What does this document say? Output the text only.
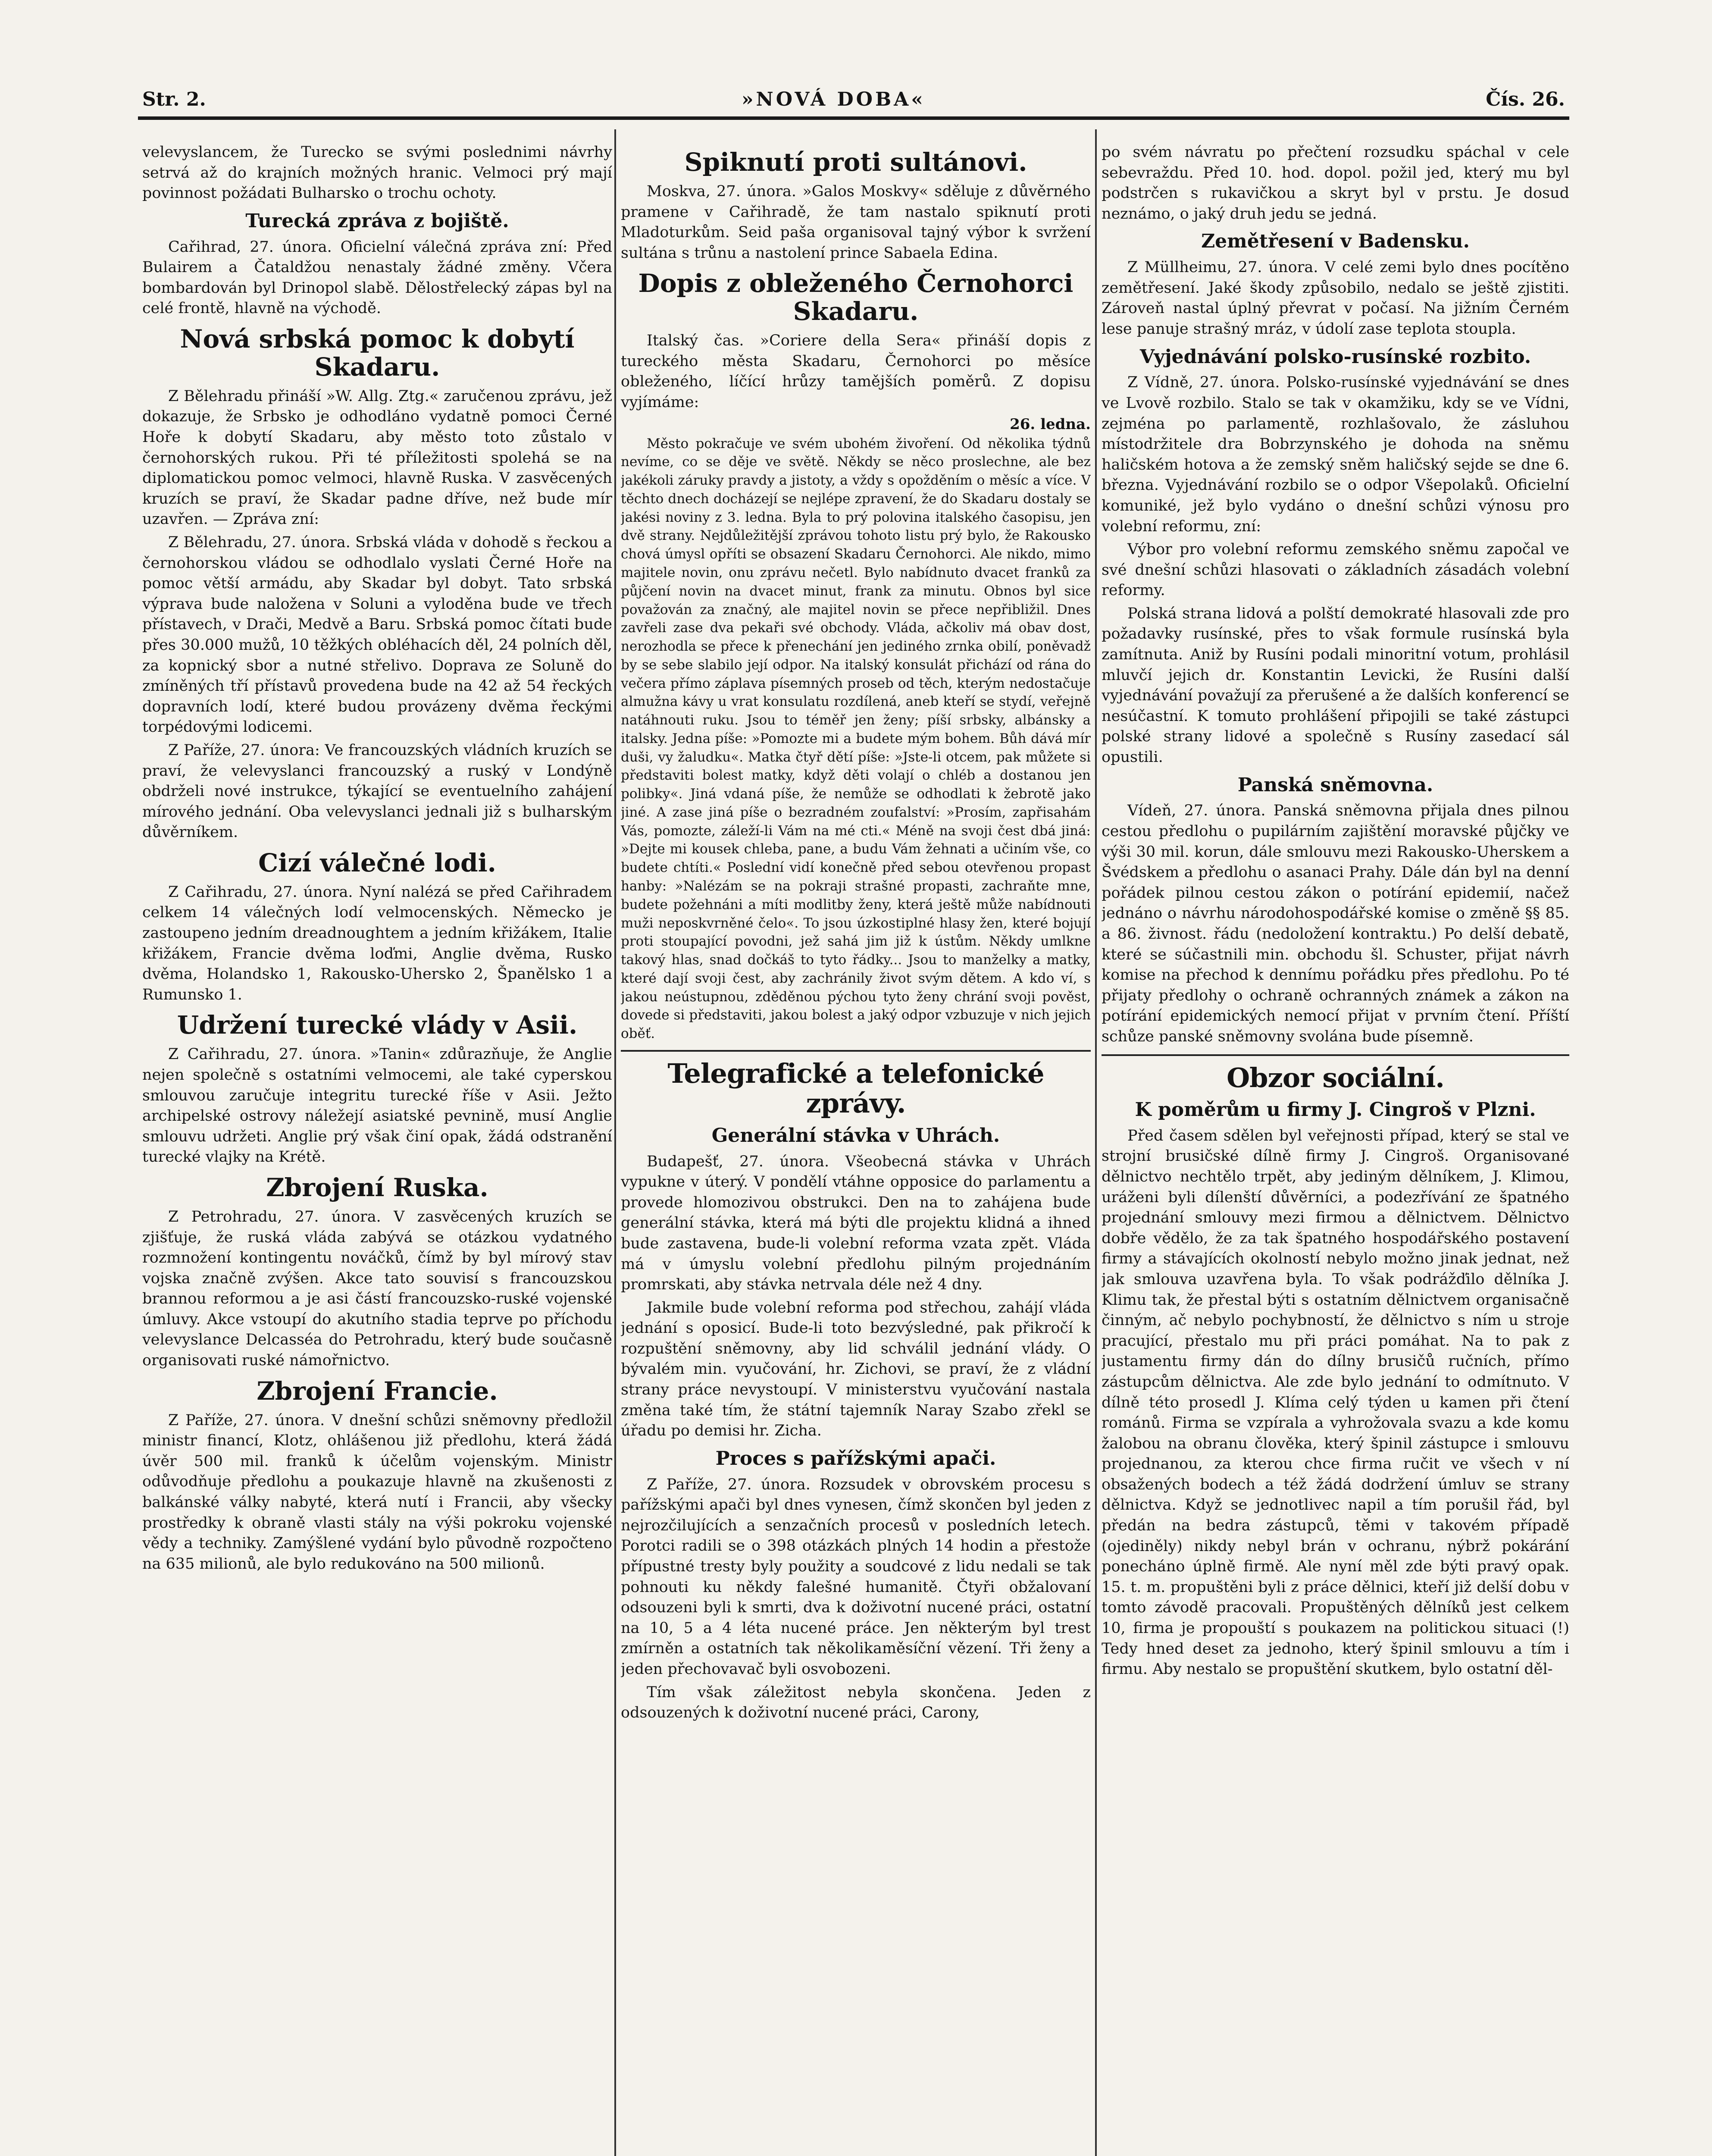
Str. 2.	»NOVÁ DOBA«	Čís. 26.

velevyslancem, že Turecko se svými poslednimi návrhy setrvá až do krajních možných hranic. Velmoci prý mají povinnost požádati Bulharsko o trochu ochoty.

Turecká zpráva z bojiště.

Cařihrad, 27. února. Oficielní válečná zpráva zní: Před Bulairem a Čataldžou nenastaly žádné změny. Včera bombardován byl Drinopol slabě. Dělostřelecký zápas byl na celé frontě, hlavně na východě.

Nová srbská pomoc k dobytí Skadaru.

Z Bělehradu přináší »W. Allg. Ztg.« zaručenou zprávu, jež dokazuje, že Srbsko je odhodláno vydatně pomoci Černé Hoře k dobytí Skadaru, aby město toto zůstalo v černohorských rukou. Při té příležitosti spolehá se na diplomatickou pomoc velmoci, hlavně Ruska. V zasvěcených kruzích se praví, že Skadar padne dříve, než bude mír uzavřen. — Zpráva zní:

Z Bělehradu, 27. února. Srbská vláda v dohodě s řeckou a černohorskou vládou se odhodlalo vyslati Černé Hoře na pomoc větší armádu, aby Skadar byl dobyt. Tato srbská výprava bude naložena v Soluni a vyloděna bude ve třech přístavech, v Drači, Medvě a Baru. Srbská pomoc čítati bude přes 30.000 mužů, 10 těžkých obléhacích děl, 24 polních děl, za kopnický sbor a nutné střelivo. Doprava ze Soluně do zmíněných tří přístavů provedena bude na 42 až 54 řeckých dopravních lodí, které budou provázeny dvěma řeckými torpédovými lodicemi.

Z Paříže, 27. února: Ve francouzských vládních kruzích se praví, že velevyslanci francouzský a ruský v Londýně obdrželi nové instrukce, týkající se eventuelního zahájení mírového jednání. Oba velevyslanci jednali již s bulharským důvěrníkem.

Cizí válečné lodi.

Z Cařihradu, 27. února. Nyní nalézá se před Cařihradem celkem 14 válečných lodí velmocenských. Německo je zastoupeno jedním dreadnoughtem a jedním křižákem, Italie křižákem, Francie dvěma loďmi, Anglie dvěma, Rusko dvěma, Holandsko 1, Rakousko-Uhersko 2, Španělsko 1 a Rumunsko 1.

Udržení turecké vlády v Asii.

Z Cařihradu, 27. února. »Tanin« zdůrazňuje, že Anglie nejen společně s ostatními velmocemi, ale také cyperskou smlouvou zaručuje integritu turecké říše v Asii. Ježto archipelské ostrovy náležejí asiatské pevnině, musí Anglie smlouvu udržeti. Anglie prý však činí opak, žádá odstranění turecké vlajky na Krétě.

Zbrojení Ruska.

Z Petrohradu, 27. února. V zasvěcených kruzích se zjišťuje, že ruská vláda zabývá se otázkou vydatného rozmnožení kontingentu nováčků, čímž by byl mírový stav vojska značně zvýšen. Akce tato souvisí s francouzskou brannou reformou a je asi částí francouzsko-ruské vojenské úmluvy. Akce vstoupí do akutního stadia teprve po příchodu velevyslance Delcasséa do Petrohradu, který bude současně organisovati ruské námořnictvo.

Zbrojení Francie.

Z Paříže, 27. února. V dnešní schůzi sněmovny předložil ministr financí, Klotz, ohlášenou již předlohu, která žádá úvěr 500 mil. franků k účelům vojenským. Ministr odůvodňuje předlohu a poukazuje hlavně na zkušenosti z balkánské války nabyté, která nutí i Francii, aby všecky prostředky k obraně vlasti stály na výši pokroku vojenské vědy a techniky. Zamýšlené vydání bylo původně rozpočteno na 635 milionů, ale bylo redukováno na 500 milionů.

Spiknutí proti sultánovi.

Moskva, 27. února. »Galos Moskvy« sděluje z důvěrného pramene v Cařihradě, že tam nastalo spiknutí proti Mladoturkům. Seid paša organisoval tajný výbor k svržení sultána s trůnu a nastolení prince Sabaela Edina.

Dopis z obleženého Černohorci Skadaru.

Italský čas. »Coriere della Sera« přináší dopis z tureckého města Skadaru, Černohorci po měsíce obleženého, líčící hrůzy tamějších poměrů. Z dopisu vyjímáme:

26. ledna.

Město pokračuje ve svém ubohém živoření. Od několika týdnů nevíme, co se děje ve světě. Někdy se něco proslechne, ale bez jakékoli záruky pravdy a jistoty, a vždy s opožděním o měsíc a více. V těchto dnech docházejí se nejlépe zpravení, že do Skadaru dostaly se jakési noviny z 3. ledna. Byla to prý polovina italského časopisu, jen dvě strany. Nejdůležitější zprávou tohoto listu prý bylo, že Rakousko chová úmysl opříti se obsazení Skadaru Černohorci. Ale nikdo, mimo majitele novin, onu zprávu nečetl. Bylo nabídnuto dvacet franků za půjčení novin na dvacet minut, frank za minutu. Obnos byl sice považován za značný, ale majitel novin se přece nepřibližil. Dnes zavřeli zase dva pekaři své obchody. Vláda, ačkoliv má obav dost, nerozhodla se přece k přenechání jen jediného zrnka obilí, poněvadž by se sebe slabilo její odpor. Na italský konsulát přichází od rána do večera přímo záplava písemných proseb od těch, kterým nedostačuje almužna kávy u vrat konsulatu rozdílená, aneb kteří se stydí, veřejně natáhnouti ruku. Jsou to téměř jen ženy; píší srbsky, albánsky a italsky. Jedna píše: »Pomozte mi a budete mým bohem. Bůh dává mír duši, vy žaludku«. Matka čtyř dětí píše: »Jste-li otcem, pak můžete si představiti bolest matky, když děti volají o chléb a dostanou jen polibky«. Jiná vdaná píše, že nemůže se odhodlati k žebrotě jako jiné. A zase jiná píše o bezradném zoufalství: »Prosím, zapřisahám Vás, pomozte, záleží-li Vám na mé cti.« Méně na svoji čest dbá jiná: »Dejte mi kousek chleba, pane, a budu Vám žehnati a učiním vše, co budete chtíti.« Poslední vidí konečně před sebou otevřenou propast hanby: »Nalézám se na pokraji strašné propasti, zachraňte mne, budete požehnáni a míti modlitby ženy, která ještě může nabídnouti muži neposkvrněné čelo«. To jsou úzkostiplné hlasy žen, které bojují proti stoupající povodni, jež sahá jim již k ústům. Někdy umlkne takový hlas, snad dočkáš to tyto řádky... Jsou to manželky a matky, které dají svoji čest, aby zachránily život svým dětem. A kdo ví, s jakou neústupnou, zděděnou pýchou tyto ženy chrání svoji pověst, dovede si představiti, jakou bolest a jaký odpor vzbuzuje v nich jejich oběť.

Telegrafické a telefonické zprávy.
Generální stávka v Uhrách.

Budapešť, 27. února. Všeobecná stávka v Uhrách vypukne v úterý. V pondělí vtáhne opposice do parlamentu a provede hlomozivou obstrukci. Den na to zahájena bude generální stávka, která má býti dle projektu klidná a ihned bude zastavena, bude-li volební reforma vzata zpět. Vláda má v úmyslu volební předlohu pilným projednáním promrskati, aby stávka netrvala déle než 4 dny.

Jakmile bude volební reforma pod střechou, zahájí vláda jednání s oposicí. Bude-li toto bezvýsledné, pak přikročí k rozpuštění sněmovny, aby lid schválil jednání vlády. O bývalém min. vyučování, hr. Zichovi, se praví, že z vládní strany práce nevystoupí. V ministerstvu vyučování nastala změna také tím, že státní tajemník Naray Szabo zřekl se úřadu po demisi hr. Zicha.

Proces s pařížskými apači.

Z Paříže, 27. února. Rozsudek v obrovském procesu s pařížskými apači byl dnes vynesen, čímž skončen byl jeden z nejrozčilujících a senzačních procesů v posledních letech. Porotci radili se o 398 otázkách plných 14 hodin a přestože přípustné tresty byly použity a soudcové z lidu nedali se tak pohnouti ku někdy falešné humanitě. Čtyři obžalovaní odsouzeni byli k smrti, dva k doživotní nucené práci, ostatní na 10, 5 a 4 léta nucené práce. Jen některým byl trest zmírněn a ostatních tak několikaměsíční vězení. Tři ženy a jeden přechovavač byli osvobozeni.

Tím však záležitost nebyla skončena. Jeden z odsouzených k doživotní nucené práci, Carony,

po svém návratu po přečtení rozsudku spáchal v cele sebevraždu. Před 10. hod. dopol. požil jed, který mu byl podstrčen s rukavičkou a skryt byl v prstu. Je dosud neznámo, o jaký druh jedu se jedná.

Zemětřesení v Badensku.

Z Müllheimu, 27. února. V celé zemi bylo dnes pocítěno zemětřesení. Jaké škody způsobilo, nedalo se ještě zjistiti. Zároveň nastal úplný převrat v počasí. Na jižním Černém lese panuje strašný mráz, v údolí zase teplota stoupla.

Vyjednávání polsko-rusínské rozbito.

Z Vídně, 27. února. Polsko-rusínské vyjednávání se dnes ve Lvově rozbilo. Stalo se tak v okamžiku, kdy se ve Vídni, zejména po parlamentě, rozhlašovalo, že zásluhou místodržitele dra Bobrzynského je dohoda na sněmu haličském hotova a že zemský sněm haličský sejde se dne 6. března. Vyjednávání rozbilo se o odpor Všepolaků. Oficielní komuniké, jež bylo vydáno o dnešní schůzi výnosu pro volební reformu, zní:

Výbor pro volební reformu zemského sněmu započal ve své dnešní schůzi hlasovati o základních zásadách volební reformy.

Polská strana lidová a polští demokraté hlasovali zde pro požadavky rusínské, přes to však formule rusínská byla zamítnuta. Aniž by Rusíni podali minoritní votum, prohlásil mluvčí jejich dr. Konstantin Levicki, že Rusíni další vyjednávání považují za přerušené a že dalších konferencí se nesúčastní. K tomuto prohlášení připojili se také zástupci polské strany lidové a společně s Rusíny zasedací sál opustili.

Panská sněmovna.

Vídeň, 27. února. Panská sněmovna přijala dnes pilnou cestou předlohu o pupilárním zajištění moravské půjčky ve výši 30 mil. korun, dále smlouvu mezi Rakousko-Uherskem a Švédskem a předlohu o asanaci Prahy. Dále dán byl na denní pořádek pilnou cestou zákon o potírání epidemií, načež jednáno o návrhu národohospodářské komise o změně §§ 85. a 86. živnost. řádu (nedoložení kontraktu.) Po delší debatě, které se súčastnili min. obchodu šl. Schuster, přijat návrh komise na přechod k dennímu pořádku přes předlohu. Po té přijaty předlohy o ochraně ochranných známek a zákon na potírání epidemických nemocí přijat v prvním čtení. Příští schůze panské sněmovny svolána bude písemně.

Obzor sociální.
K poměrům u firmy J. Cingroš v Plzni.

Před časem sdělen byl veřejnosti případ, který se stal ve strojní brusičské dílně firmy J. Cingroš. Organisované dělnictvo nechtělo trpět, aby jediným dělníkem, J. Klimou, uráženi byli dílenští důvěrníci, a podezřívání ze špatného projednání smlouvy mezi firmou a dělnictvem. Dělnictvo dobře vědělo, že za tak špatného hospodářského postavení firmy a stávajících okolností nebylo možno jinak jednat, než jak smlouva uzavřena byla. To však podrážďilo dělníka J. Klimu tak, že přestal býti s ostatním dělnictvem organisačně činným, ač nebylo pochybností, že dělnictvo s ním u stroje pracující, přestalo mu při práci pomáhat. Na to pak z justamentu firmy dán do dílny brusičů ručních, přímo zástupcům dělnictva. Ale zde bylo jednání to odmítnuto. V dílně této prosedl J. Klíma celý týden u kamen při čtení románů. Firma se vzpírala a vyhrožovala svazu a kde komu žalobou na obranu člověka, který špinil zástupce i smlouvu projednanou, za kterou chce firma ručit ve všech v ní obsažených bodech a též žádá dodržení úmluv se strany dělnictva. Když se jednotlivec napil a tím porušil řád, byl předán na bedra zástupců, těmi v takovém případě (ojediněly) nikdy nebyl brán v ochranu, nýbrž pokárání ponecháno úplně firmě. Ale nyní měl zde býti pravý opak. 15. t. m. propuštěni byli z práce dělnici, kteří již delší dobu v tomto závodě pracovali. Propuštěných dělníků jest celkem 10, firma je propouští s poukazem na politickou situaci (!) Tedy hned deset za jednoho, který špinil smlouvu a tím i firmu. Aby nestalo se propuštění skutkem, bylo ostatní děl-
